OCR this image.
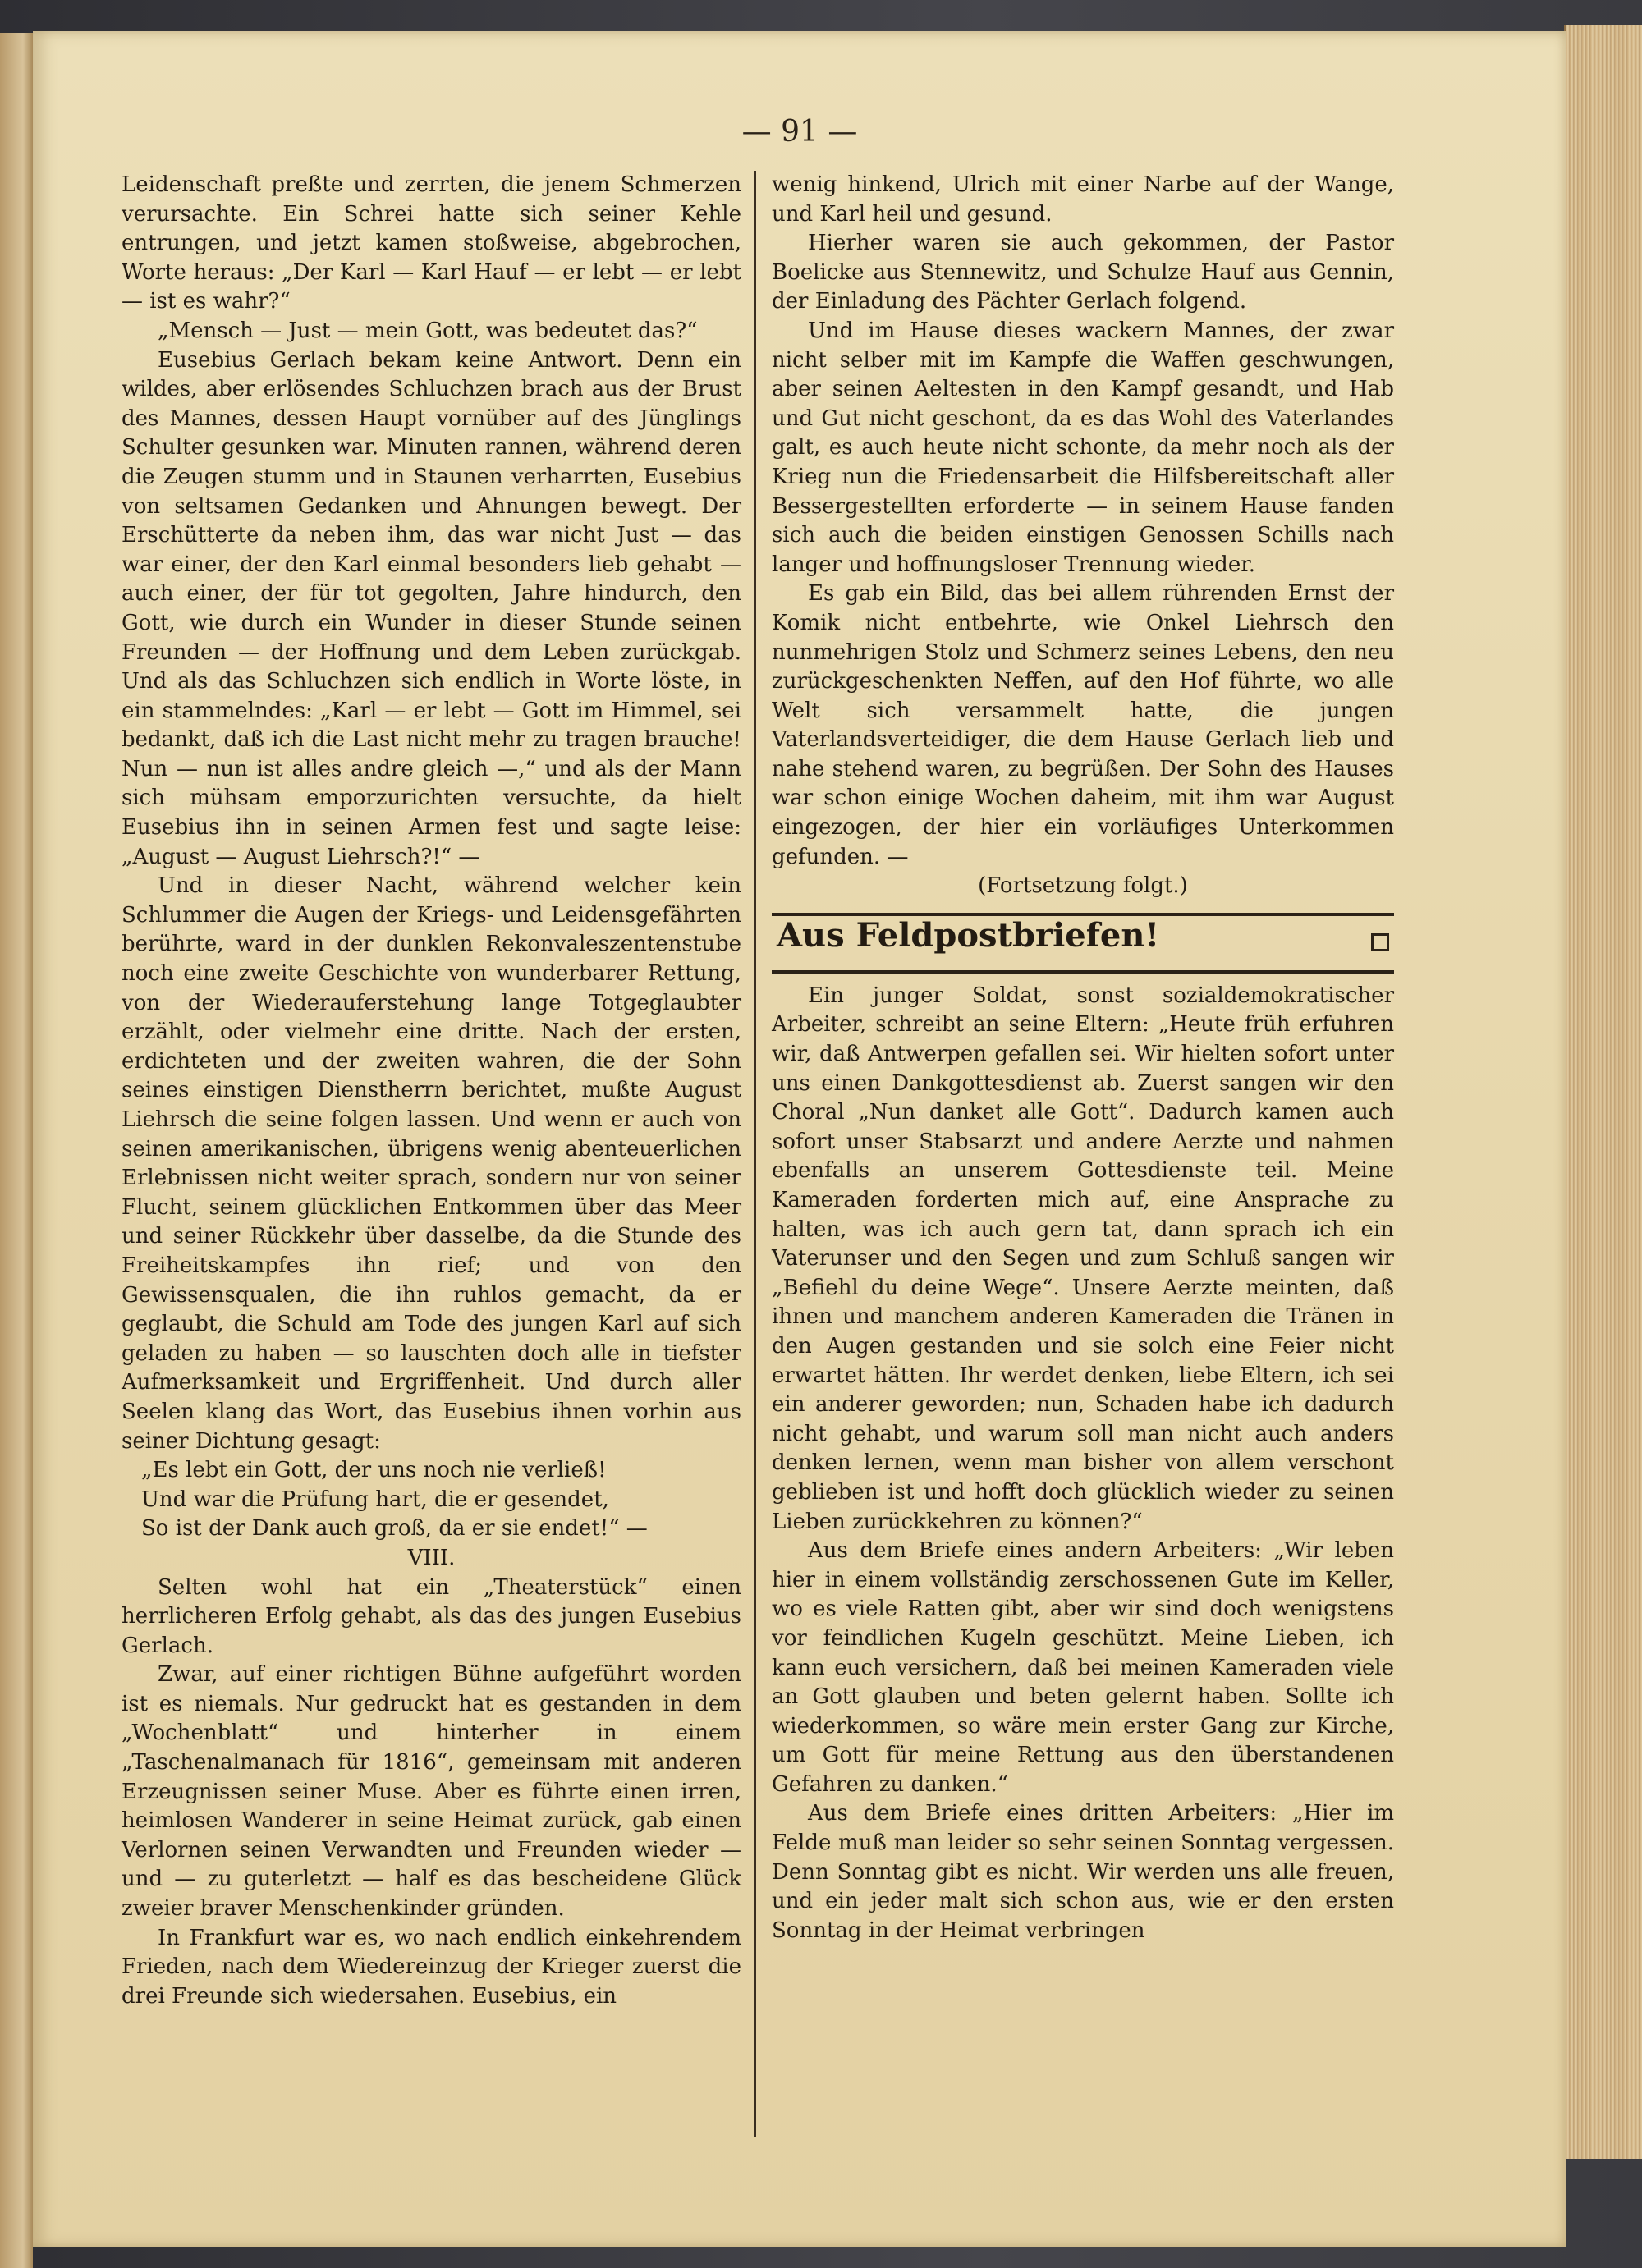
— 91 —

Leidenschaft preßte und zerrten, die jenem Schmerzen verursachte. Ein Schrei hatte sich seiner Kehle entrungen, und jetzt kamen stoßweise, abgebrochen, Worte heraus: „Der Karl — Karl Hauf — er lebt — er lebt — ist es wahr?“

„Mensch — Just — mein Gott, was bedeutet das?“

Eusebius Gerlach bekam keine Antwort. Denn ein wildes, aber erlösendes Schluchzen brach aus der Brust des Mannes, dessen Haupt vornüber auf des Jünglings Schulter gesunken war. Minuten rannen, während deren die Zeugen stumm und in Staunen verharrten, Eusebius von seltsamen Gedanken und Ahnungen bewegt. Der Erschütterte da neben ihm, das war nicht Just — das war einer, der den Karl einmal besonders lieb gehabt — auch einer, der für tot gegolten, Jahre hindurch, den Gott, wie durch ein Wunder in dieser Stunde seinen Freunden — der Hoffnung und dem Leben zurückgab. Und als das Schluchzen sich endlich in Worte löste, in ein stammelndes: „Karl — er lebt — Gott im Himmel, sei bedankt, daß ich die Last nicht mehr zu tragen brauche! Nun — nun ist alles andre gleich —,“ und als der Mann sich mühsam emporzurichten versuchte, da hielt Eusebius ihn in seinen Armen fest und sagte leise: „August — August Liehrsch?!“ —

Und in dieser Nacht, während welcher kein Schlummer die Augen der Kriegs- und Leidensgefährten berührte, ward in der dunklen Rekonvaleszentenstube noch eine zweite Geschichte von wunderbarer Rettung, von der Wiederauferstehung lange Totgeglaubter erzählt, oder vielmehr eine dritte. Nach der ersten, erdichteten und der zweiten wahren, die der Sohn seines einstigen Dienstherrn berichtet, mußte August Liehrsch die seine folgen lassen. Und wenn er auch von seinen amerikanischen, übrigens wenig abenteuerlichen Erlebnissen nicht weiter sprach, sondern nur von seiner Flucht, seinem glücklichen Entkommen über das Meer und seiner Rückkehr über dasselbe, da die Stunde des Freiheitskampfes ihn rief; und von den Gewissensqualen, die ihn ruhlos gemacht, da er geglaubt, die Schuld am Tode des jungen Karl auf sich geladen zu haben — so lauschten doch alle in tiefster Aufmerksamkeit und Ergriffenheit. Und durch aller Seelen klang das Wort, das Eusebius ihnen vorhin aus seiner Dichtung gesagt:

„Es lebt ein Gott, der uns noch nie verließ!

Und war die Prüfung hart, die er gesendet,

So ist der Dank auch groß, da er sie endet!“ —

VIII.

Selten wohl hat ein „Theaterstück“ einen herrlicheren Erfolg gehabt, als das des jungen Eusebius Gerlach.

Zwar, auf einer richtigen Bühne aufgeführt worden ist es niemals. Nur gedruckt hat es gestanden in dem „Wochenblatt“ und hinterher in einem „Taschenalmanach für 1816“, gemeinsam mit anderen Erzeugnissen seiner Muse. Aber es führte einen irren, heimlosen Wanderer in seine Heimat zurück, gab einen Verlornen seinen Verwandten und Freunden wieder — und — zu guterletzt — half es das bescheidene Glück zweier braver Menschenkinder gründen.

In Frankfurt war es, wo nach endlich einkehrendem Frieden, nach dem Wiedereinzug der Krieger zuerst die drei Freunde sich wiedersahen. Eusebius, ein

wenig hinkend, Ulrich mit einer Narbe auf der Wange, und Karl heil und gesund.

Hierher waren sie auch gekommen, der Pastor Boelicke aus Stennewitz, und Schulze Hauf aus Gennin, der Einladung des Pächter Gerlach folgend.

Und im Hause dieses wackern Mannes, der zwar nicht selber mit im Kampfe die Waffen geschwungen, aber seinen Aeltesten in den Kampf gesandt, und Hab und Gut nicht geschont, da es das Wohl des Vaterlandes galt, es auch heute nicht schonte, da mehr noch als der Krieg nun die Friedensarbeit die Hilfsbereitschaft aller Bessergestellten erforderte — in seinem Hause fanden sich auch die beiden einstigen Genossen Schills nach langer und hoffnungsloser Trennung wieder.

Es gab ein Bild, das bei allem rührenden Ernst der Komik nicht entbehrte, wie Onkel Liehrsch den nunmehrigen Stolz und Schmerz seines Lebens, den neu zurückgeschenkten Neffen, auf den Hof führte, wo alle Welt sich versammelt hatte, die jungen Vaterlandsverteidiger, die dem Hause Gerlach lieb und nahe stehend waren, zu begrüßen. Der Sohn des Hauses war schon einige Wochen daheim, mit ihm war August eingezogen, der hier ein vorläufiges Unterkommen gefunden. —

(Fortsetzung folgt.)

Aus Feldpostbriefen!

Ein junger Soldat, sonst sozialdemokratischer Arbeiter, schreibt an seine Eltern: „Heute früh erfuhren wir, daß Antwerpen gefallen sei. Wir hielten sofort unter uns einen Dankgottesdienst ab. Zuerst sangen wir den Choral „Nun danket alle Gott“. Dadurch kamen auch sofort unser Stabsarzt und andere Aerzte und nahmen ebenfalls an unserem Gottesdienste teil. Meine Kameraden forderten mich auf, eine Ansprache zu halten, was ich auch gern tat, dann sprach ich ein Vaterunser und den Segen und zum Schluß sangen wir „Befiehl du deine Wege“. Unsere Aerzte meinten, daß ihnen und manchem anderen Kameraden die Tränen in den Augen gestanden und sie solch eine Feier nicht erwartet hätten. Ihr werdet denken, liebe Eltern, ich sei ein anderer geworden; nun, Schaden habe ich dadurch nicht gehabt, und warum soll man nicht auch anders denken lernen, wenn man bisher von allem verschont geblieben ist und hofft doch glücklich wieder zu seinen Lieben zurückkehren zu können?“

Aus dem Briefe eines andern Arbeiters: „Wir leben hier in einem vollständig zerschossenen Gute im Keller, wo es viele Ratten gibt, aber wir sind doch wenigstens vor feindlichen Kugeln geschützt. Meine Lieben, ich kann euch versichern, daß bei meinen Kameraden viele an Gott glauben und beten gelernt haben. Sollte ich wiederkommen, so wäre mein erster Gang zur Kirche, um Gott für meine Rettung aus den überstandenen Gefahren zu danken.“

Aus dem Briefe eines dritten Arbeiters: „Hier im Felde muß man leider so sehr seinen Sonntag vergessen. Denn Sonntag gibt es nicht. Wir werden uns alle freuen, und ein jeder malt sich schon aus, wie er den ersten Sonntag in der Heimat verbringen
